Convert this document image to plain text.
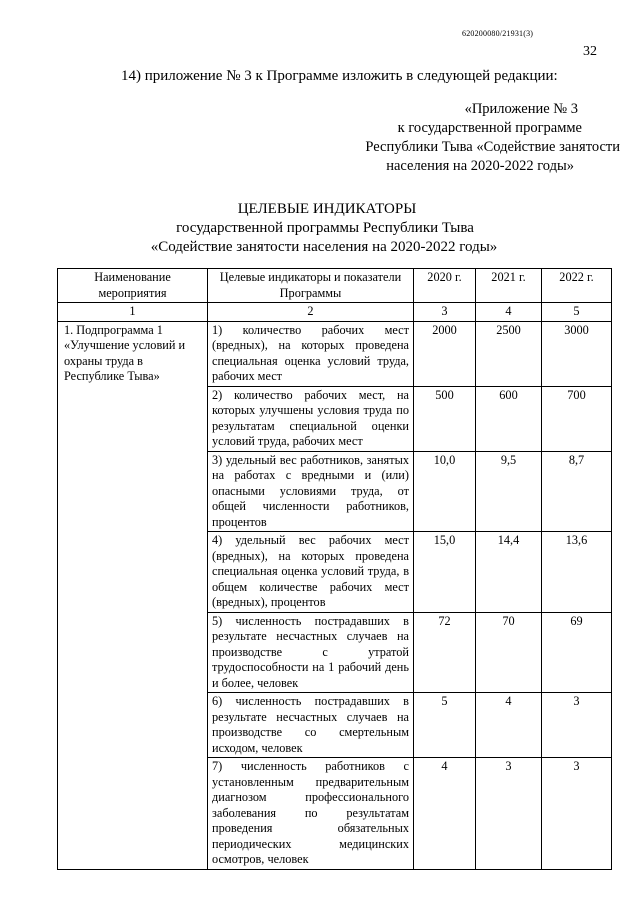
620200080/21931(3)
32
14) приложение № 3 к Программе изложить в следующей редакции:
«Приложение № 3
к государственной программе
Республики Тыва «Содействие занятости
населения на 2020-2022 годы»
ЦЕЛЕВЫЕ ИНДИКАТОРЫ
государственной программы Республики Тыва
«Содействие занятости населения на 2020-2022 годы»
Наименование мероприятия	Целевые индикаторы и показатели Программы	2020 г.	2021 г.	2022 г.
1	2	3	4	5
1. Подпрограмма 1 «Улучшение условий и охраны труда в Республике Тыва»	1) количество рабочих мест (вредных), на которых проведена специальная оценка условий труда, рабочих мест	2000	2500	3000
	2) количество рабочих мест, на которых улучшены условия труда по результатам специальной оценки условий труда, рабочих мест	500	600	700
	3) удельный вес работников, занятых на работах с вредными и (или) опасными условиями труда, от общей численности работников, процентов	10,0	9,5	8,7
	4) удельный вес рабочих мест (вредных), на которых проведена специальная оценка условий труда, в общем количестве рабочих мест (вредных), процентов	15,0	14,4	13,6
	5) численность пострадавших в результате несчастных случаев на производстве с утратой трудоспособности на 1 рабочий день и более, человек	72	70	69
	6) численность пострадавших в результате несчастных случаев на производстве со смертельным исходом, человек	5	4	3
	7) численность работников с установленным предварительным диагнозом профессионального заболевания по результатам проведения обязательных периодических медицинских осмотров, человек	4	3	3
